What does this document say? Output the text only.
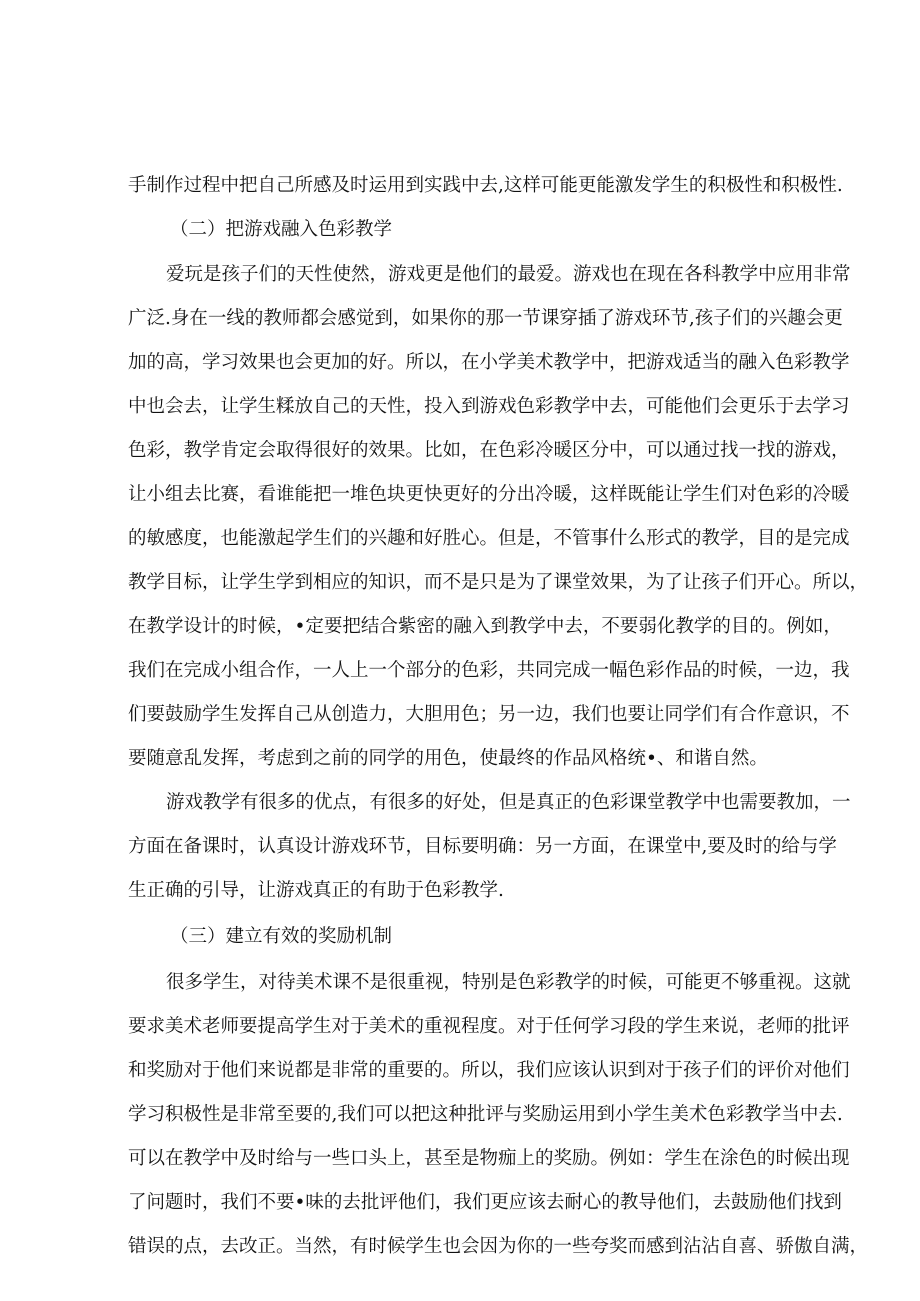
手制作过程中把自己所感及时运用到实践中去,这样可能更能激发学生的积极性和积极性.
（二）把游戏融入色彩教学
爱玩是孩子们的天性使然，游戏更是他们的最爱。游戏也在现在各科教学中应用非常
广泛.身在一线的教师都会感觉到，如果你的那一节课穿插了游戏环节,孩子们的兴趣会更
加的高，学习效果也会更加的好。所以，在小学美术教学中，把游戏适当的融入色彩教学
中也会去，让学生糅放自己的天性，投入到游戏色彩教学中去，可能他们会更乐于去学习
色彩，教学肯定会取得很好的效果。比如，在色彩冷暖区分中，可以通过找一找的游戏，
让小组去比赛，看谁能把一堆色块更快更好的分出冷暖，这样既能让学生们对色彩的冷暖
的敏感度，也能激起学生们的兴趣和好胜心。但是，不管事什么形式的教学，目的是完成
教学目标，让学生学到相应的知识，而不是只是为了课堂效果，为了让孩子们开心。所以，
在教学设计的时候，•定要把结合紫密的融入到教学中去，不要弱化教学的目的。例如，
我们在完成小组合作，一人上一个部分的色彩，共同完成一幅色彩作品的时候，一边，我
们要鼓励学生发挥自己从创造力，大胆用色；另一边，我们也要让同学们有合作意识，不
要随意乱发挥，考虑到之前的同学的用色，使最终的作品风格统•、和谐自然。
游戏教学有很多的优点，有很多的好处，但是真正的色彩课堂教学中也需要教加，一
方面在备课时，认真设计游戏环节，目标要明确：另一方面，在课堂中,要及时的给与学
生正确的引导，让游戏真正的有助于色彩教学.
（三）建立有效的奖励机制
很多学生，对待美术课不是很重视，特别是色彩教学的时候，可能更不够重视。这就
要求美术老师要提高学生对于美术的重视程度。对于任何学习段的学生来说，老师的批评
和奖励对于他们来说都是非常的重要的。所以，我们应该认识到对于孩子们的评价对他们
学习积极性是非常至要的,我们可以把这种批评与奖励运用到小学生美术色彩教学当中去.
可以在教学中及时给与一些口头上，甚至是物痂上的奖励。例如：学生在涂色的时候出现
了问题时，我们不要•味的去批评他们，我们更应该去耐心的教导他们，去鼓励他们找到
错误的点，去改正。当然，有时候学生也会因为你的一些夸奖而感到沾沾自喜、骄傲自满，
